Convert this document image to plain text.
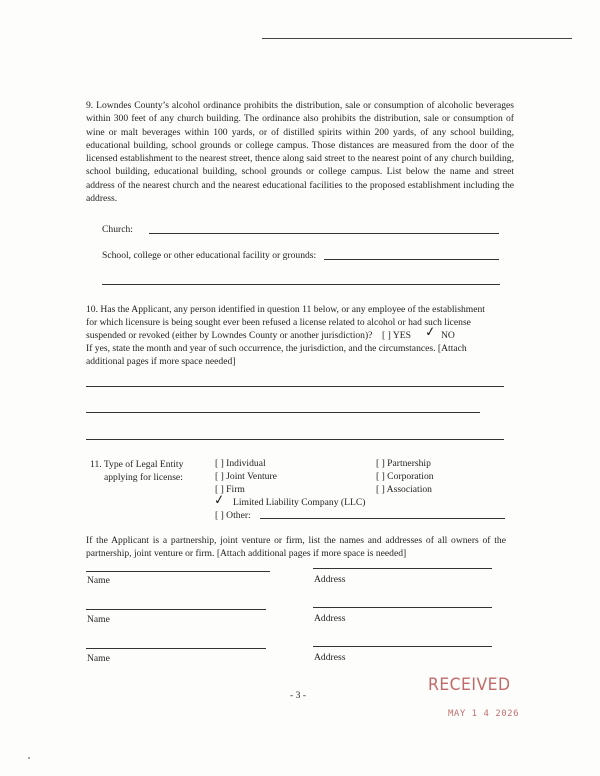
9. Lowndes County’s alcohol ordinance prohibits the distribution, sale or consumption of alcoholic beverages within 300 feet of any church building. The ordinance also prohibits the distribution, sale or consumption of wine or malt beverages within 100 yards, or of distilled spirits within 200 yards, of any school building, educational building, school grounds or college campus. Those distances are measured from the door of the licensed establishment to the nearest street, thence along said street to the nearest point of any church building, school building, educational building, school grounds or college campus. List below the name and street address of the nearest church and the nearest educational facilities to the proposed establishment including the address.
Church:
School, college or other educational facility or grounds:
10. Has the Applicant, any person identified in question 11 below, or any employee of the establishment
for which licensure is being sought ever been refused a license related to alcohol or had such license
suspended or revoked (either by Lowndes County or another jurisdiction)? [ ] YES ✓ NO
If yes, state the month and year of such occurrence, the jurisdiction, and the circumstances. [Attach
additional pages if more space needed]
11. Type of Legal Entity
applying for license:
[ ] Individual
[ ] Joint Venture
[ ] Firm
✓ Limited Liability Company (LLC)
[ ] Other:
[ ] Partnership
[ ] Corporation
[ ] Association
If the Applicant is a partnership, joint venture or firm, list the names and addresses of all owners of the partnership, joint venture or firm. [Attach additional pages if more space is needed]
Name	Address
Name	Address
Name	Address
- 3 -
RECEIVED
MAY 1 4 2026
